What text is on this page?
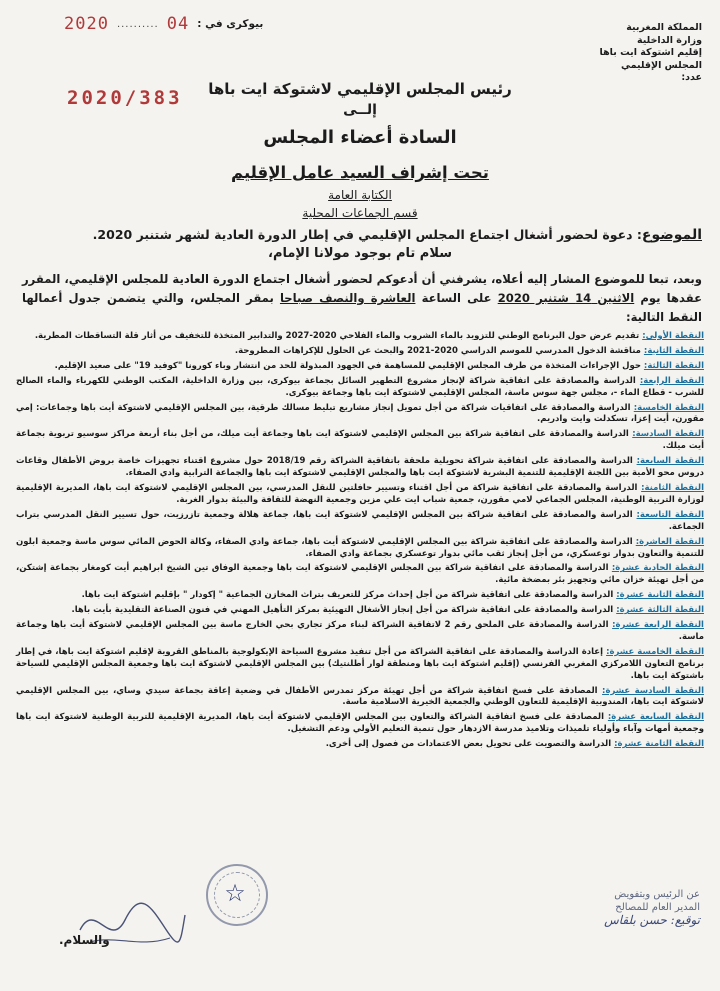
المملكة المغربية
وزارة الداخلية
إقليم اشتوكة ايت باها
المجلس الإقليمي
عدد:
2020 .......... 04 بيوكرى في :
2020/383	رئيس المجلس الإقليمي لاشتوكة ايت باها
إلــى
السادة أعضاء المجلس
تحت إشراف السيد عامل الإقليم
الكتابة العامة
قسم الجماعات المحلية
الموضوع: دعوة لحضور أشغال اجتماع المجلس الإقليمي في إطار الدورة العادية لشهر شتنبر 2020.
سلام تام بوجود مولانا الإمام،
وبعد، تبعا للموضوع المشار إليه أعلاه، يشرفني أن أدعوكم لحضور أشغال اجتماع الدورة العادية للمجلس الإقليمي، المقرر عقدها يوم الاثنين 14 شتنبر 2020 على الساعة العاشرة والنصف صباحا بمقر المجلس، والتي يتضمن جدول أعمالها النقط التالية:

النقطة الأولى: تقديم عرض حول البرنامج الوطني للتزويد بالماء الشروب والماء الفلاحي 2020-2027 والتدابير المتخذة للتخفيف من أثار قلة التساقطات المطرية.

النقطة الثانية: مناقشة الدخول المدرسي للموسم الدراسي 2020-2021 والبحث عن الحلول للإكراهات المطروحة.

النقطة الثالثة: حول الإجراءات المتخذة من طرف المجلس الإقليمي للمساهمة في الجهود المبذولة للحد من انتشار وباء كورونا "كوفيد 19" على صعيد الإقليم.

النقطة الرابعة: الدراسة والمصادقة على اتفاقية شراكة لإنجاز مشروع التطهير السائل بجماعة بيوكرى، بين وزارة الداخلية، المكتب الوطني للكهرباء والماء الصالح للشرب - قطاع الماء -، مجلس جهة سوس ماسة، المجلس الإقليمي لاشتوكة ايت باها وجماعة بيوكرى.

النقطة الخامسة: الدراسة والمصادقة على اتفاقيات شراكة من أجل تمويل إنجاز مشاريع تبليط مسالك طرقية، بين المجلس الإقليمي لاشتوكة أيت باها وجماعات: إمي مقورن، أيت إعزا، تسكدلت وايت وادريم.

النقطة السادسة: الدراسة والمصادقة على اتفاقية شراكة بين المجلس الإقليمي لاشتوكة ايت باها وجماعة أيت ميلك، من أجل بناء أربعة مراكز سوسيو تربوية بجماعة أيت ميلك.

النقطة السابعة: الدراسة والمصادقة على اتفاقية شراكة تحويلية ملحقة باتفاقية الشراكة رقم 2018/19 حول مشروع اقتناء تجهيزات خاصة بروض الأطفال وقاعات دروس محو الأمية بين اللجنة الإقليمية للتنمية البشرية لاشتوكة ايت باها والمجلس الإقليمي لاشتوكة ايت باها والجماعة الترابية وادي الصفاء.

النقطة الثامنة: الدراسة والمصادقة على اتفاقية شراكة من أجل اقتناء وتسيير حافلتين للنقل المدرسي، بين المجلس الإقليمي لاشتوكة ايت باها، المديرية الإقليمية لوزارة التربية الوطنية، المجلس الجماعي لامي مقورن، جمعية شباب ايت علي مزين وجمعية النهضة للثقافة والبيئة بدوار الغربة.

النقطة التاسعة: الدراسة والمصادقة على اتفاقية شراكة بين المجلس الإقليمي لاشتوكة ايت باها، جماعة هلالة وجمعية تازرزيت، حول تسيير النقل المدرسي بتراب الجماعة.

النقطة العاشرة: الدراسة والمصادقة على اتفاقية شراكة بين المجلس الإقليمي لاشتوكة أيت باها، جماعة وادي الصفاء، وكالة الحوض المائي سوس ماسة وجمعية ابلون للتنمية والتعاون بدوار توعسكري، من أجل إنجاز ثقب مائي بدوار توعسكري بجماعة وادي الصفاء.

النقطة الحادية عشرة: الدراسة والمصادقة على اتفاقية شراكة بين المجلس الإقليمي لاشتوكة ايت باها وجمعية الوفاق تين الشيخ ابراهيم أيت كومغار بجماعة إشتكن، من أجل تهيئة خزان مائي وتجهيز بئر بمضخة مائية.

النقطة الثانية عشرة: الدراسة والمصادقة على اتفاقية شراكة من أجل إحداث مركز للتعريف بتراث المخازن الجماعية " إكودار " بإقليم اشتوكة ايت باها.

النقطة الثالثة عشرة: الدراسة والمصادقة على اتفاقية شراكة من أجل إنجاز الأشغال التهيئية بمركز التأهيل المهني في فنون الصناعة التقليدية بأيت باها.

النقطة الرابعة عشرة: الدراسة والمصادقة على الملحق رقم 2 لاتفاقية الشراكة لبناء مركز تجاري بحي الخارج ماسة بين المجلس الإقليمي لاشتوكة أيت باها وجماعة ماسة.

النقطة الخامسة عشرة: إعادة الدراسة والمصادقة على اتفاقية الشراكة من أجل تنفيذ مشروع السياحة الإيكولوجية بالمناطق القروية لإقليم اشتوكة ايت باها، في إطار برنامج التعاون اللامركزي المغربي الفرنسي (إقليم اشتوكة ايت باها ومنطقة لوار أطلنتيك) بين المجلس الإقليمي لاشتوكة ايت باها وجمعية المجلس الإقليمي للسياحة باشتوكة ايت باها.

النقطة السادسة عشرة: المصادقة على فسخ اتفاقية شراكة من أجل تهيئة مركز تمدرس الأطفال في وضعية إعاقة بجماعة سيدي وساي، بين المجلس الإقليمي لاشتوكة ايت باها، المندوبية الإقليمية للتعاون الوطني والجمعية الخيرية الاسلامية ماسة.

النقطة السابعة عشرة: المصادقة على فسخ اتفاقية الشراكة والتعاون بين المجلس الإقليمي لاشتوكة أيت باها، المديرية الإقليمية للتربية الوطنية لاشتوكة ايت باها وجمعية أمهات وآباء وأولياء تلميذات وتلاميذ مدرسة الازدهار حول تنمية التعليم الأولي ودعم التشغيل.

النقطة الثامنة عشرة: الدراسة والتصويت على تحويل بعض الاعتمادات من فصول إلى أخرى.

☆	عن الرئيس وبتفويض
المدير العام للمصالح
توقيع: حسن بلقاس
والسلام.
